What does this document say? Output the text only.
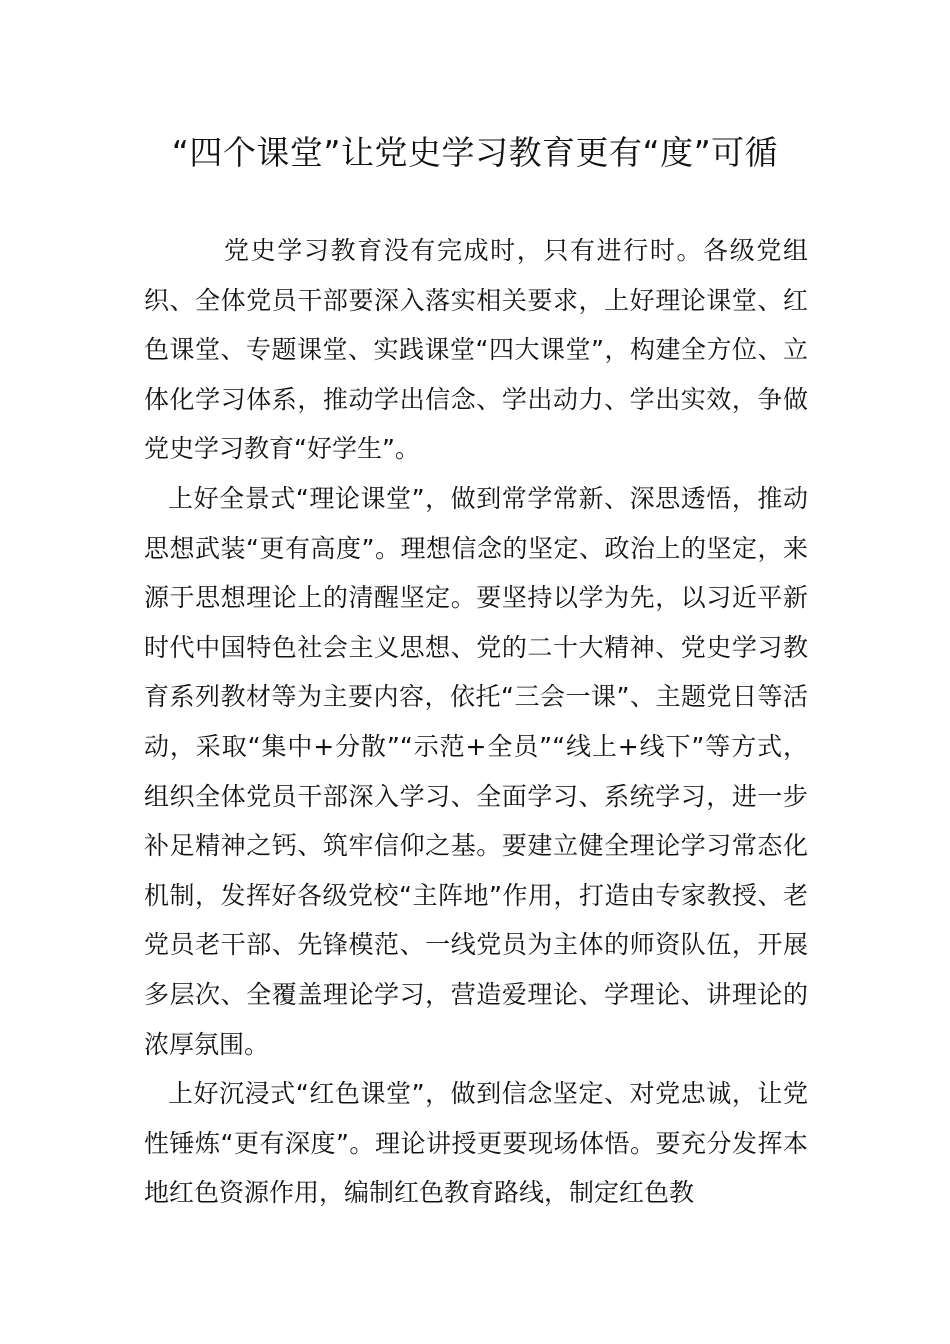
“四个课堂”让党史学习教育更有“度”可循

党史学习教育没有完成时，只有进行时。各级党组织、全体党员干部要深入落实相关要求，上好理论课堂、红色课堂、专题课堂、实践课堂“四大课堂”，构建全方位、立体化学习体系，推动学出信念、学出动力、学出实效，争做党史学习教育“好学生”。

上好全景式“理论课堂”，做到常学常新、深思透悟，推动思想武装“更有高度”。理想信念的坚定、政治上的坚定，来源于思想理论上的清醒坚定。要坚持以学为先，以习近平新时代中国特色社会主义思想、党的二十大精神、党史学习教育系列教材等为主要内容，依托“三会一课”、主题党日等活动，采取“集中+分散”“示范+全员”“线上+线下”等方式，组织全体党员干部深入学习、全面学习、系统学习，进一步补足精神之钙、筑牢信仰之基。要建立健全理论学习常态化机制，发挥好各级党校“主阵地”作用，打造由专家教授、老党员老干部、先锋模范、一线党员为主体的师资队伍，开展多层次、全覆盖理论学习，营造爱理论、学理论、讲理论的浓厚氛围。

上好沉浸式“红色课堂”，做到信念坚定、对党忠诚，让党性锤炼“更有深度”。理论讲授更要现场体悟。要充分发挥本地红色资源作用，编制红色教育路线，制定红色教
